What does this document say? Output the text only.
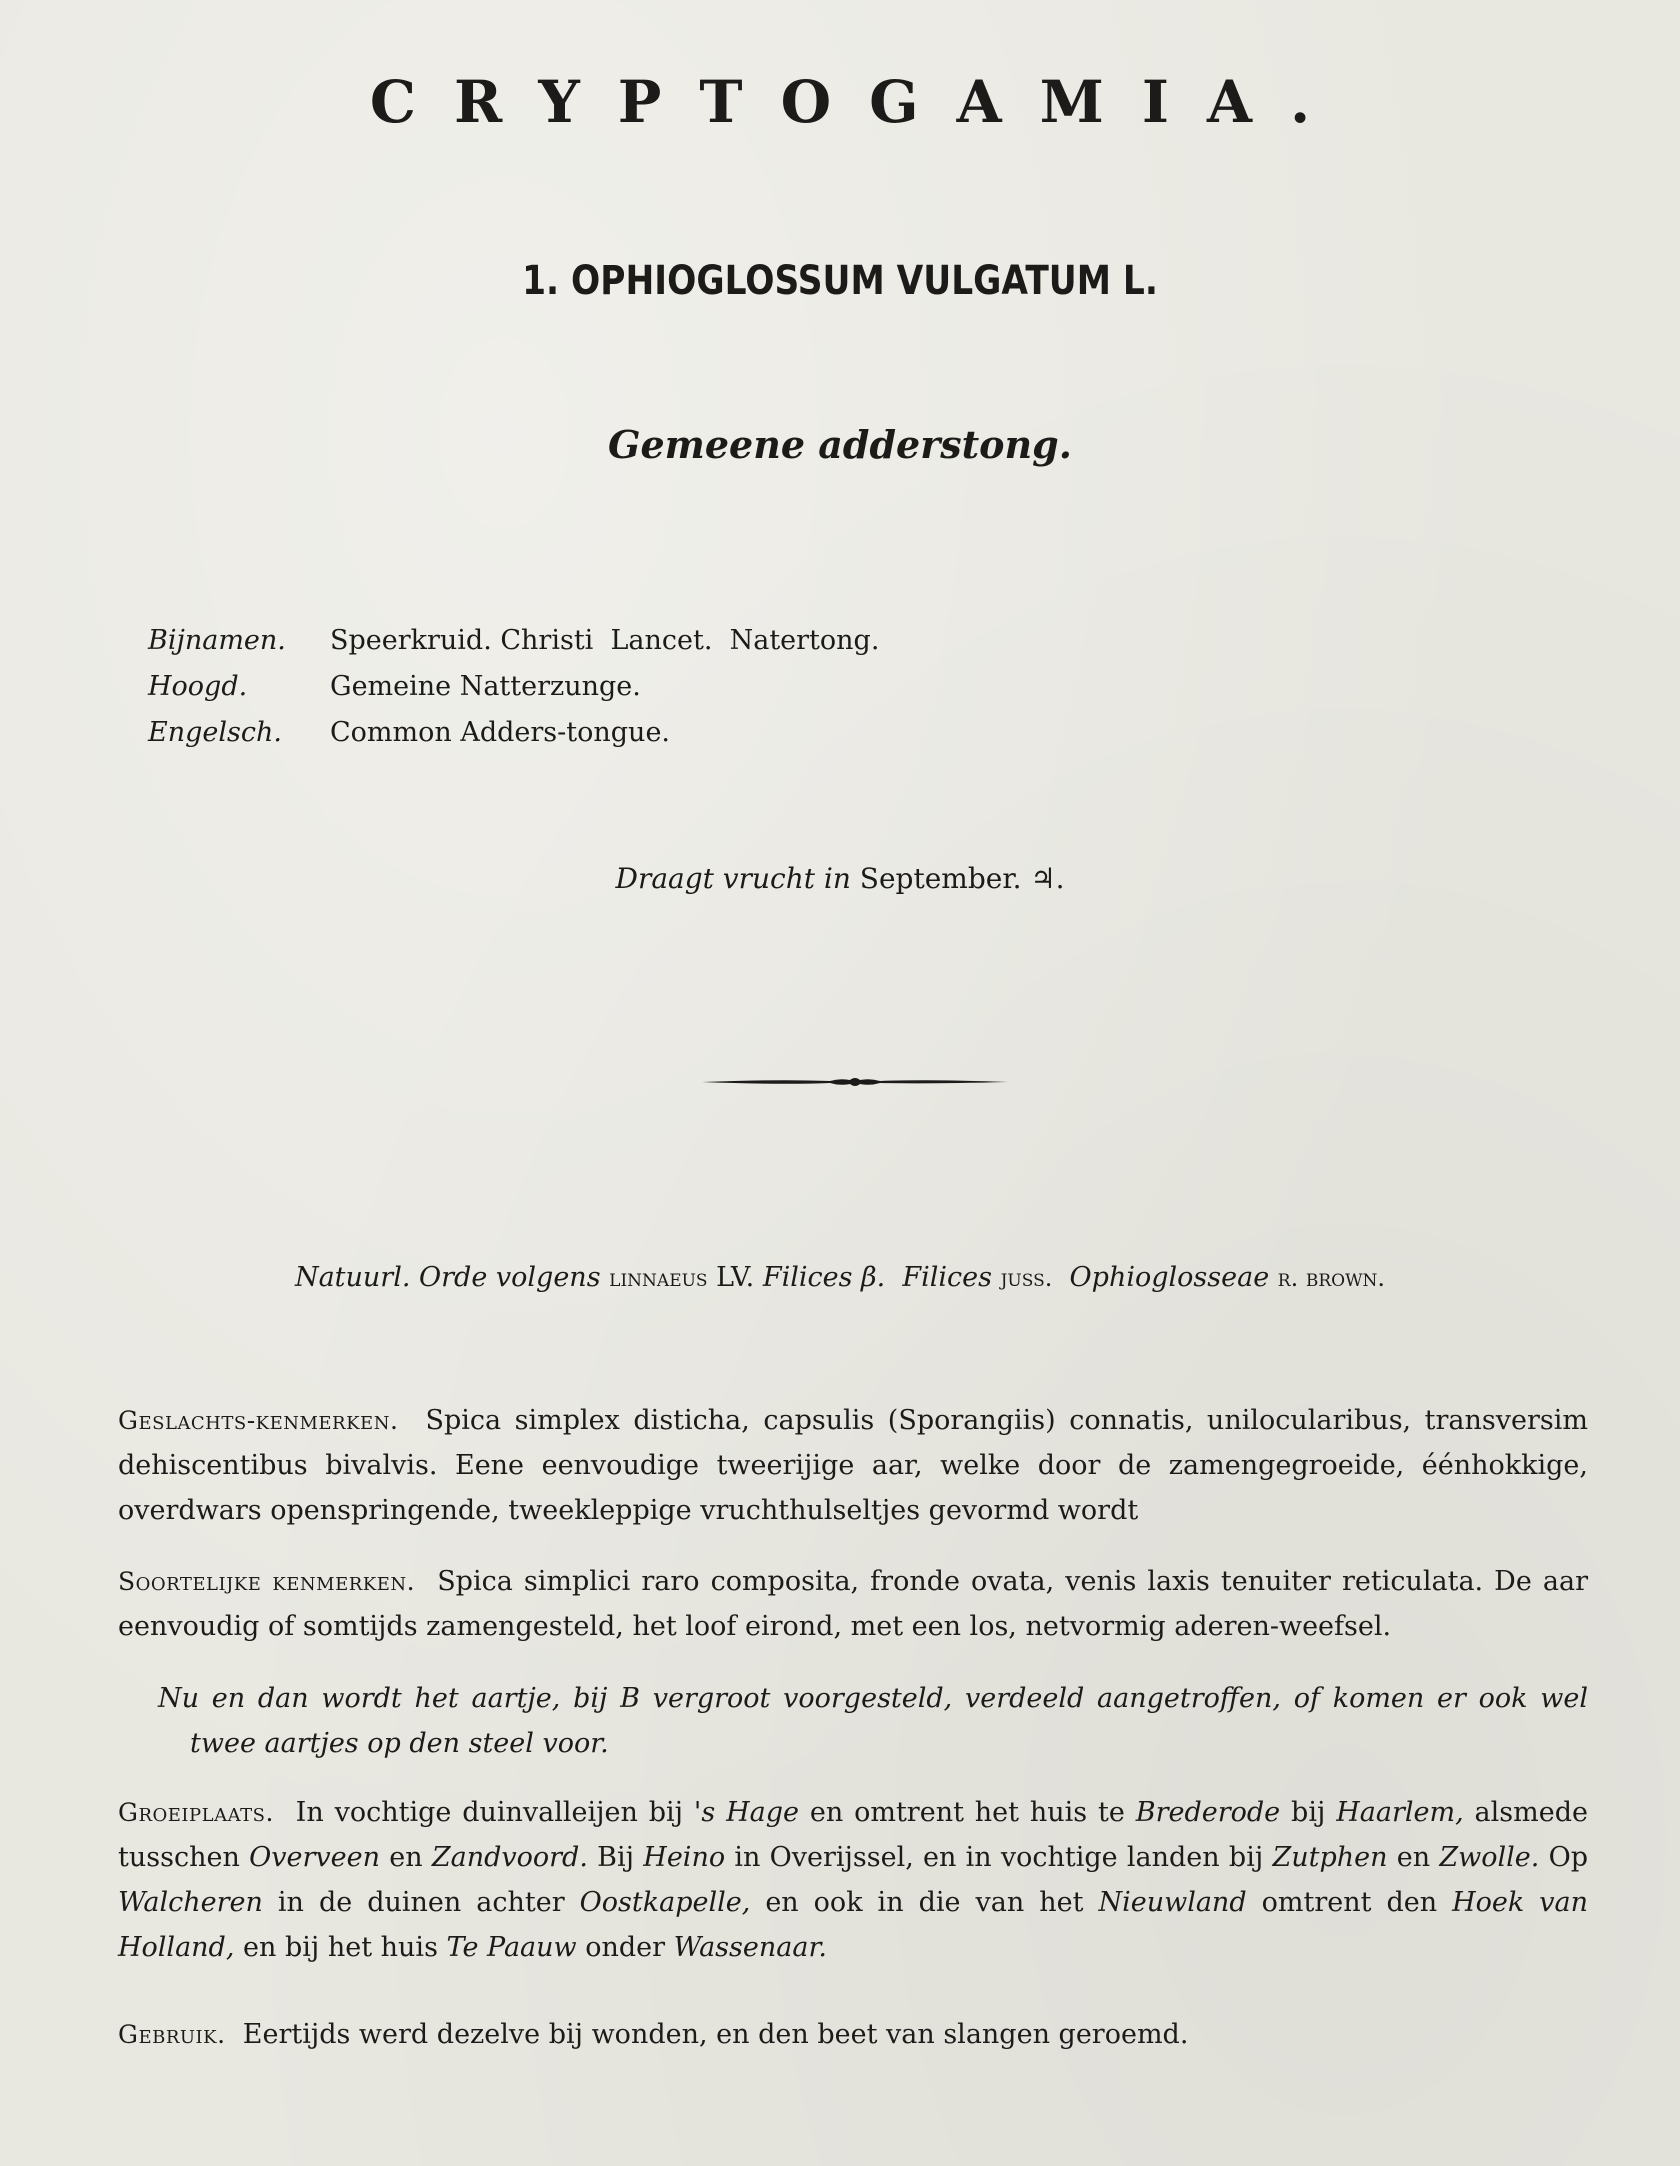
CRYPTOGAMIA.
1. OPHIOGLOSSUM VULGATUM L.
Gemeene adderstong.
Bijnamen.	Speerkruid. Christi  Lancet.  Natertong.
Hoogd.	Gemeine Natterzunge.
Engelsch.	Common Adders-tongue.
Draagt vrucht in September. ♃.
Natuurl. Orde volgens linnaeus LV. Filices β. Filices juss. Ophioglosseae r. brown.

Geslachts-kenmerken. Spica simplex disticha, capsulis (Sporangiis) connatis, unilocularibus, transversim dehiscentibus bivalvis. Eene eenvoudige tweerijige aar, welke door de zamengegroeide, éénhokkige, overdwars openspringende, tweekleppige vruchthulseltjes gevormd wordt

Soortelijke kenmerken. Spica simplici raro composita, fronde ovata, venis laxis tenuiter reticulata. De aar eenvoudig of somtijds zamengesteld, het loof eirond, met een los, netvormig aderen-weefsel.

Nu en dan wordt het aartje, bij B vergroot voorgesteld, verdeeld aangetroffen, of komen er ook wel twee aartjes op den steel voor.

Groeiplaats. In vochtige duinvalleijen bij 's Hage en omtrent het huis te Brederode bij Haarlem, alsmede tusschen Overveen en Zandvoord. Bij Heino in Overijssel, en in vochtige landen bij Zutphen en Zwolle. Op Walcheren in de duinen achter Oostkapelle, en ook in die van het Nieuwland omtrent den Hoek van Holland, en bij het huis Te Paauw onder Wassenaar.

Gebruik. Eertijds werd dezelve bij wonden, en den beet van slangen geroemd.
